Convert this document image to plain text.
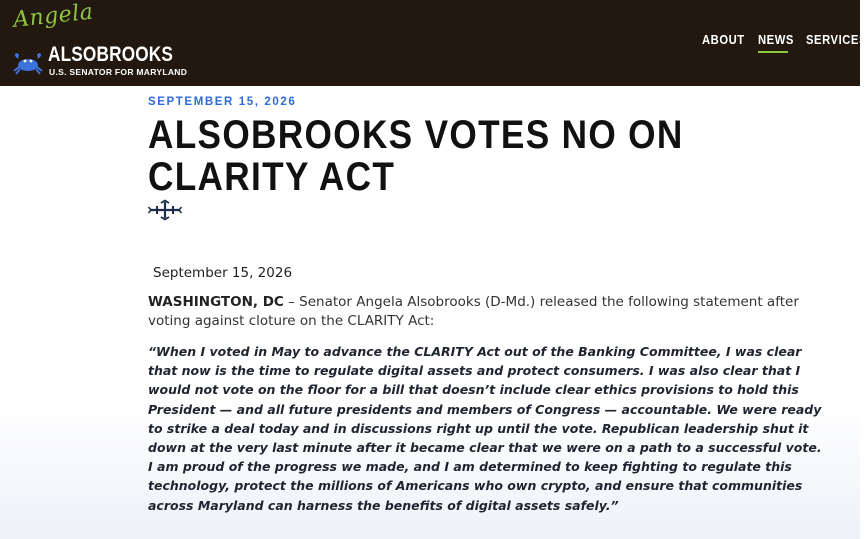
Angela
ALSOBROOKS
U.S. SENATOR FOR MARYLAND
ABOUT NEWS SERVICES
SEPTEMBER 15, 2026
ALSOBROOKS VOTES NO ON CLARITY ACT
September 15, 2026

WASHINGTON, DC – Senator Angela Alsobrooks (D-Md.) released the following statement after voting against cloture on the CLARITY Act:

“When I voted in May to advance the CLARITY Act out of the Banking Committee, I was clear that now is the time to regulate digital assets and protect consumers. I was also clear that I would not vote on the floor for a bill that doesn’t include clear ethics provisions to hold this President — and all future presidents and members of Congress — accountable. We were ready to strike a deal today and in discussions right up until the vote. Republican leadership shut it down at the very last minute after it became clear that we were on a path to a successful vote. I am proud of the progress we made, and I am determined to keep fighting to regulate this technology, protect the millions of Americans who own crypto, and ensure that communities across Maryland can harness the benefits of digital assets safely.”
